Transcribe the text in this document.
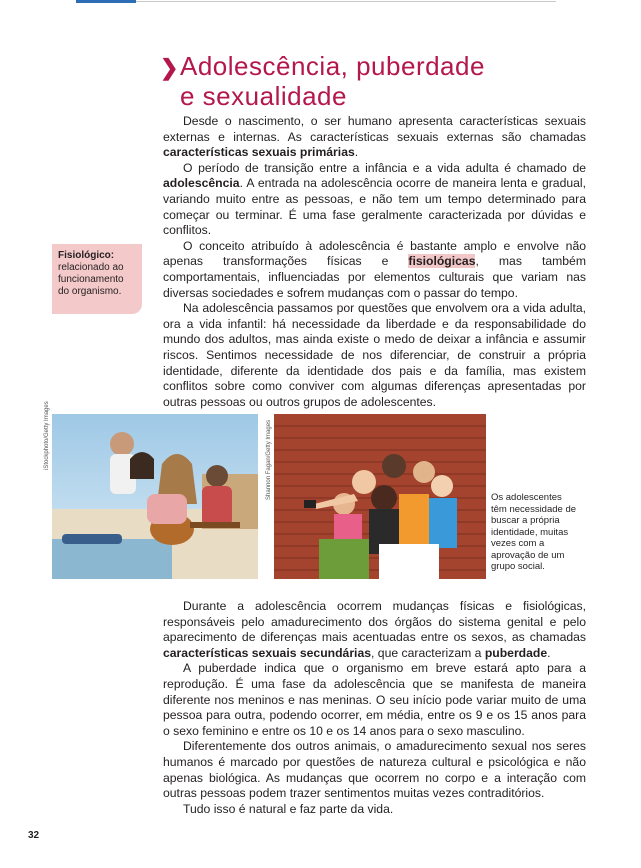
❯Adolescência, puberdade
e sexualidade

Desde o nascimento, o ser humano apresenta características sexuais externas e internas. As características sexuais externas são chamadas características sexuais primárias.

O período de transição entre a infância e a vida adulta é chamado de adolescência. A entrada na adolescência ocorre de maneira lenta e gradual, variando muito entre as pessoas, e não tem um tempo determinado para começar ou terminar. É uma fase geralmente caracterizada por dúvidas e conflitos.

O conceito atribuído à adolescência é bastante amplo e envolve não apenas transformações físicas e fisiológicas, mas também comportamentais, influenciadas por elementos culturais que variam nas diversas sociedades e sofrem mudanças com o passar do tempo.

Na adolescência passamos por questões que envolvem ora a vida adulta, ora a vida infantil: há necessidade da liberdade e da responsabilidade do mundo dos adultos, mas ainda existe o medo de deixar a infância e assumir riscos. Sentimos necessidade de nos diferenciar, de construir a própria identidade, diferente da identidade dos pais e da família, mas existem conflitos sobre como conviver com algumas diferenças apresentadas por outras pessoas ou outros grupos de adolescentes.

Fisiológico:
relacionado ao funcionamento do organismo.
iStockphoto/Getty Images	Shannon Fagan/Getty Images	Os adolescentes têm necessidade de buscar a própria identidade, muitas vezes com a aprovação de um grupo social.

Durante a adolescência ocorrem mudanças físicas e fisiológicas, responsáveis pelo amadurecimento dos órgãos do sistema genital e pelo aparecimento de diferenças mais acentuadas entre os sexos, as chamadas características sexuais secundárias, que caracterizam a puberdade.

A puberdade indica que o organismo em breve estará apto para a reprodução. É uma fase da adolescência que se manifesta de maneira diferente nos meninos e nas meninas. O seu início pode variar muito de uma pessoa para outra, podendo ocorrer, em média, entre os 9 e os 15 anos para o sexo feminino e entre os 10 e os 14 anos para o sexo masculino.

Diferentemente dos outros animais, o amadurecimento sexual nos seres humanos é marcado por questões de natureza cultural e psicológica e não apenas biológica. As mudanças que ocorrem no corpo e a interação com outras pessoas podem trazer sentimentos muitas vezes contraditórios.

Tudo isso é natural e faz parte da vida.

32
